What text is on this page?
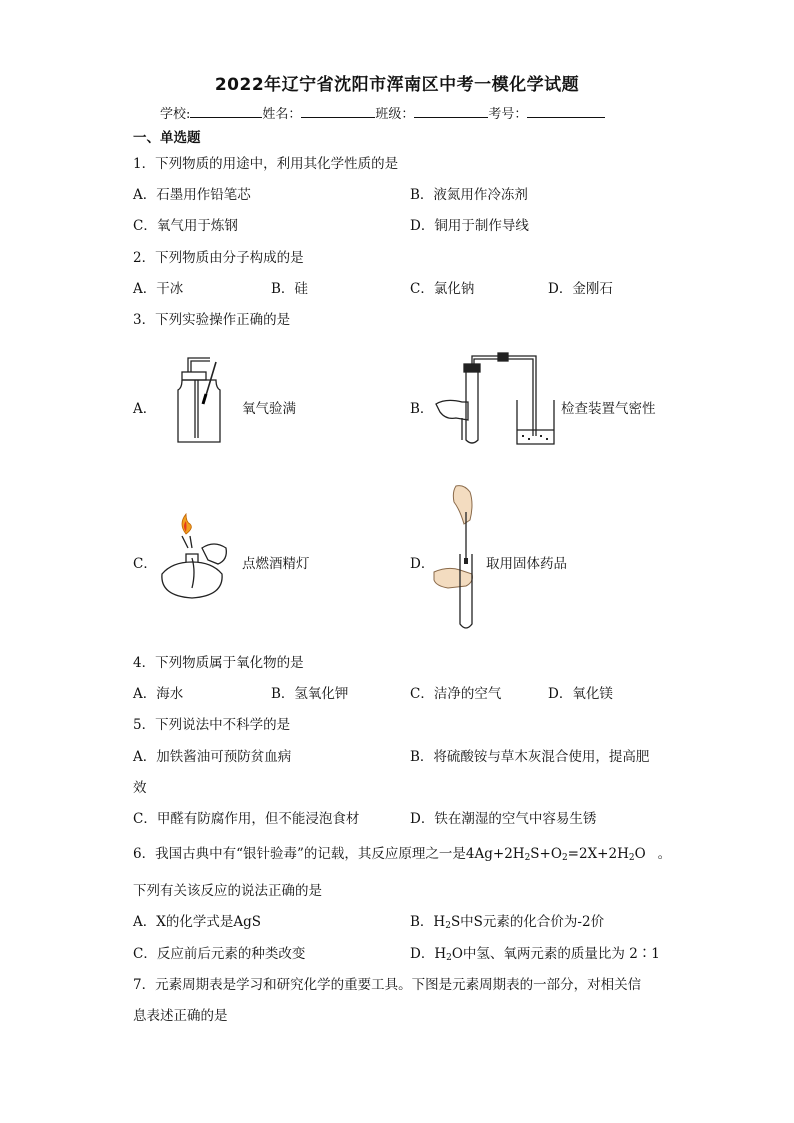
2022年辽宁省沈阳市浑南区中考一模化学试题
学校:	姓名：	班级：	考号：
一、单选题
1．下列物质的用途中，利用其化学性质的是
A．石墨用作铅笔芯	B．液氮用作冷冻剂
C．氧气用于炼钢	D．铜用于制作导线
2．下列物质由分子构成的是
A．干冰	B．硅	C．氯化钠	D．金刚石
3．下列实验操作正确的是
A．	氧气验满	B．	检查装置气密性
C．	点燃酒精灯	D．	取用固体药品
4．下列物质属于氧化物的是
A．海水	B．氢氧化钾	C．洁净的空气	D．氧化镁
5．下列说法中不科学的是
A．加铁酱油可预防贫血病	B．将硫酸铵与草木灰混合使用，提高肥
效
C．甲醛有防腐作用，但不能浸泡食材	D．铁在潮湿的空气中容易生锈
6．我国古典中有“银针验毒”的记载，其反应原理之一是$4Ag+2H_2S+O_2=2X+2H_2O$ 。
下列有关该反应的说法正确的是
A．X的化学式是AgS	B．$H_2S$中S元素的化合价为-2价
C．反应前后元素的种类改变	D．$H_2O$中氢、氧两元素的质量比为 2∶1
7．元素周期表是学习和研究化学的重要工具。下图是元素周期表的一部分，对相关信
息表述正确的是
